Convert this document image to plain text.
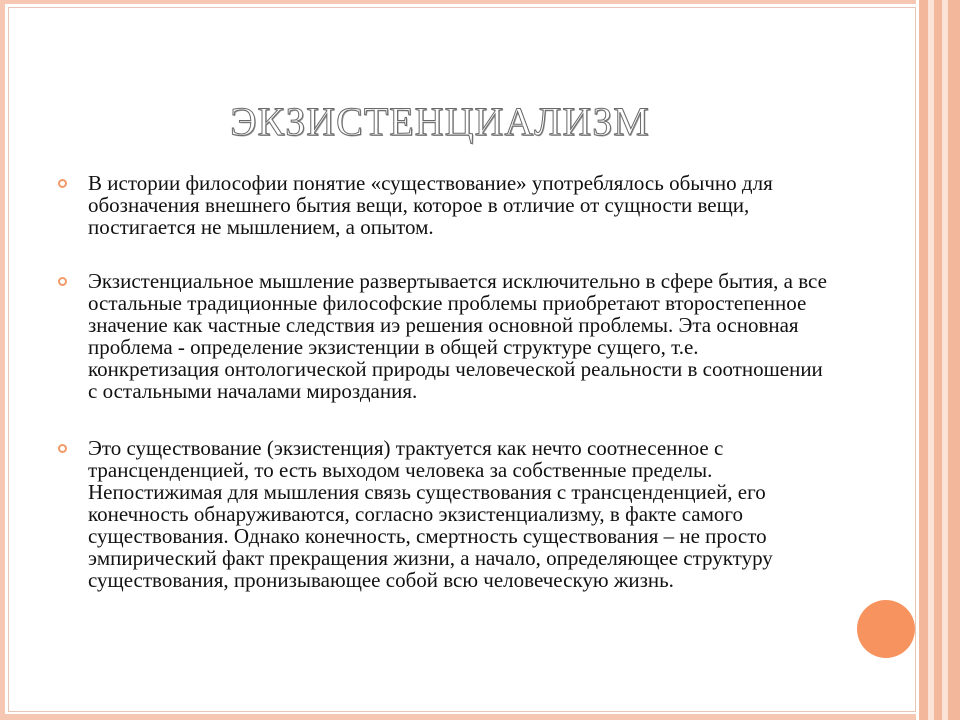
ЭКЗИСТЕНЦИАЛИЗМ
В истории философии понятие «существование» употреблялось обычно для обозначения внешнего бытия вещи, которое в отличие от сущности вещи, постигается не мышлением, а опытом.
Экзистенциальное мышление развертывается исключительно в сфере бытия, а все остальные традиционные философские проблемы приобретают второстепенное значение как частные следствия иэ решения основной проблемы. Эта основная проблема - определение экзистенции в общей структуре сущего, т.е. конкретизация онтологической природы человеческой реальности в соотношении с остальными началами мироздания.
Это существование (экзистенция) трактуется как нечто соотнесенное с трансценденцией, то есть выходом человека за собственные пределы. Непостижимая для мышления связь существования с трансценденцией, его конечность обнаруживаются, согласно экзистенциализму, в факте самого существования. Однако конечность, смертность существования – не просто эмпирический факт прекращения жизни, а начало, определяющее структуру существования, пронизывающее собой всю человеческую жизнь.
